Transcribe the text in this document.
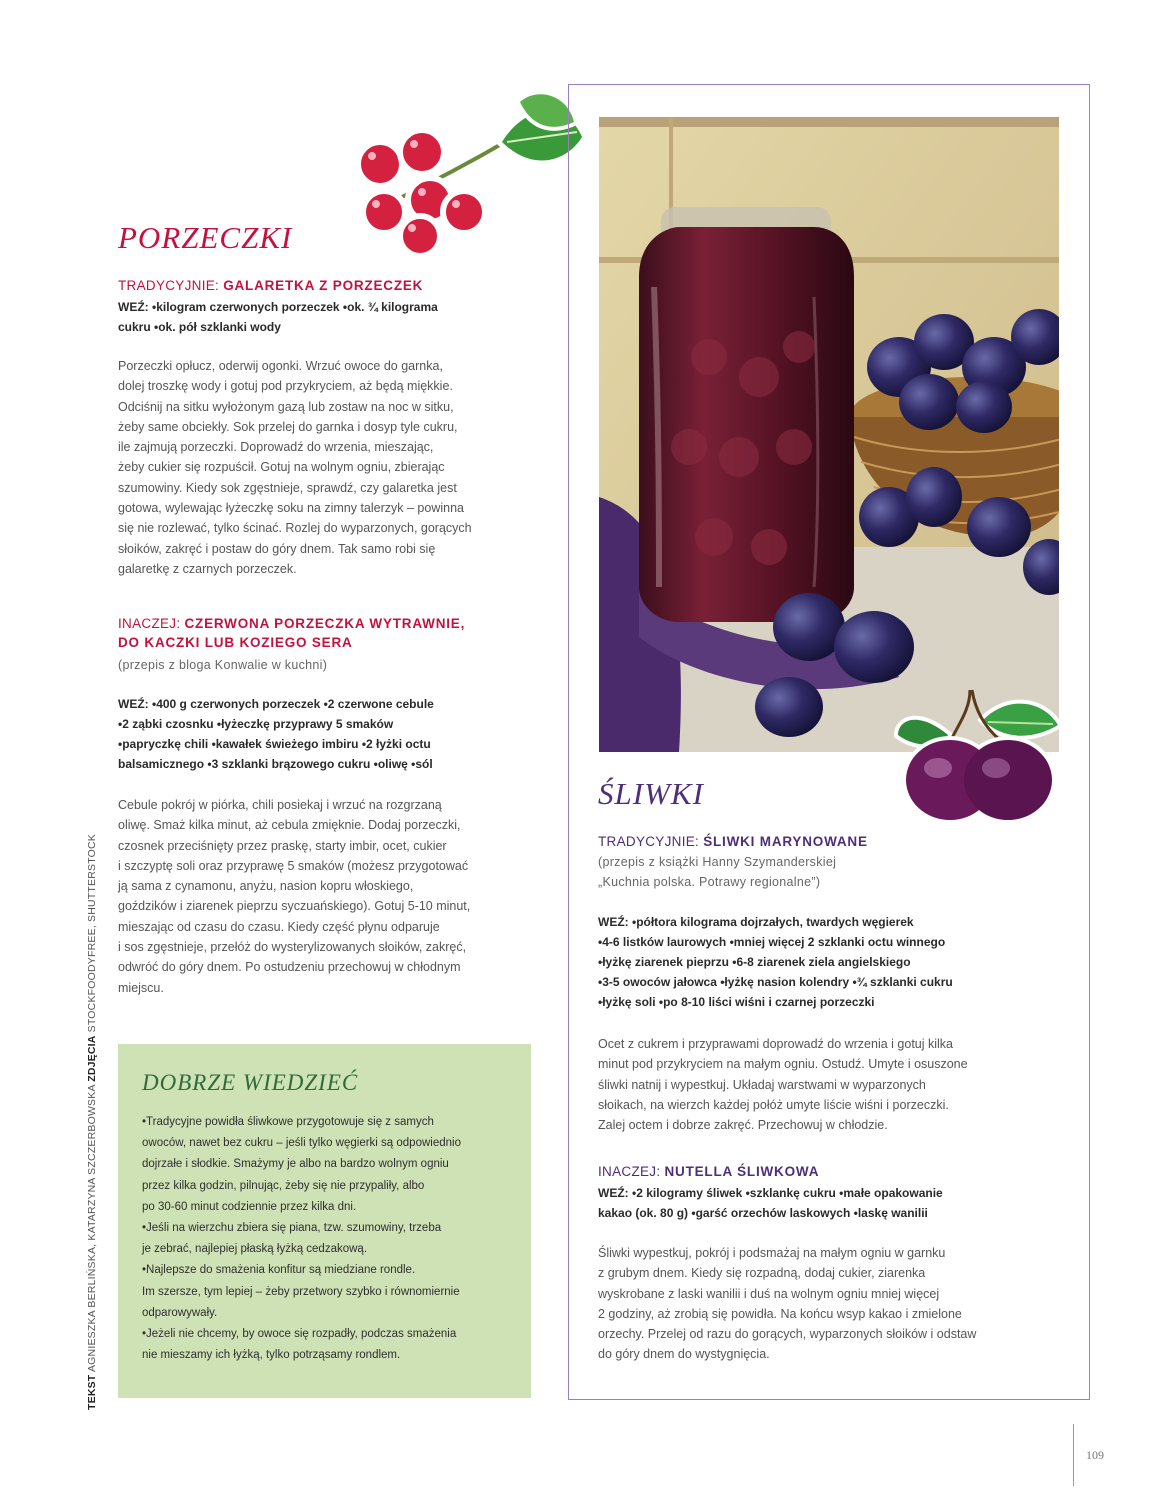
PORZECZKI
TRADYCYJNIE: GALARETKA Z PORZECZEK
WEŹ: •kilogram czerwonych porzeczek •ok. ¾ kilograma
cukru •ok. pół szklanki wody
Porzeczki opłucz, oderwij ogonki. Wrzuć owoce do garnka,
dolej troszkę wody i gotuj pod przykryciem, aż będą miękkie.
Odciśnij na sitku wyłożonym gazą lub zostaw na noc w sitku,
żeby same obciekły. Sok przelej do garnka i dosyp tyle cukru,
ile zajmują porzeczki. Doprowadź do wrzenia, mieszając,
żeby cukier się rozpuścił. Gotuj na wolnym ogniu, zbierając
szumowiny. Kiedy sok zgęstnieje, sprawdź, czy galaretka jest
gotowa, wylewając łyżeczkę soku na zimny talerzyk – powinna
się nie rozlewać, tylko ścinać. Rozlej do wyparzonych, gorących
słoików, zakręć i postaw do góry dnem. Tak samo robi się
galaretkę z czarnych porzeczek.
INACZEJ: CZERWONA PORZECZKA WYTRAWNIE,
DO KACZKI LUB KOZIEGO SERA
(przepis z bloga Konwalie w kuchni)
WEŹ: •400 g czerwonych porzeczek •2 czerwone cebule
•2 ząbki czosnku •łyżeczkę przyprawy 5 smaków
•papryczkę chili •kawałek świeżego imbiru •2 łyżki octu
balsamicznego •3 szklanki brązowego cukru •oliwę •sól
Cebule pokrój w piórka, chili posiekaj i wrzuć na rozgrzaną
oliwę. Smaż kilka minut, aż cebula zmięknie. Dodaj porzeczki,
czosnek przeciśnięty przez praskę, starty imbir, ocet, cukier
i szczyptę soli oraz przyprawę 5 smaków (możesz przygotować
ją sama z cynamonu, anyżu, nasion kopru włoskiego,
goździków i ziarenek pieprzu syczuańskiego). Gotuj 5-10 minut,
mieszając od czasu do czasu. Kiedy część płynu odparuje
i sos zgęstnieje, przełóż do wysterylizowanych słoików, zakręć,
odwróć do góry dnem. Po ostudzeniu przechowuj w chłodnym
miejscu.
DOBRZE WIEDZIEĆ
•Tradycyjne powidła śliwkowe przygotowuje się z samych
owoców, nawet bez cukru – jeśli tylko węgierki są odpowiednio
dojrzałe i słodkie. Smażymy je albo na bardzo wolnym ogniu
przez kilka godzin, pilnując, żeby się nie przypaliły, albo
po 30-60 minut codziennie przez kilka dni.
•Jeśli na wierzchu zbiera się piana, tzw. szumowiny, trzeba
je zebrać, najlepiej płaską łyżką cedzakową.
•Najlepsze do smażenia konfitur są miedziane rondle.
Im szersze, tym lepiej – żeby przetwory szybko i równomiernie
odparowywały.
•Jeżeli nie chcemy, by owoce się rozpadły, podczas smażenia
nie mieszamy ich łyżką, tylko potrząsamy rondlem.
TEKST AGNIESZKA BERLIŃSKA, KATARZYNA SZCZERBOWSKA ZDJĘCIA STOCKFOODYFREE, SHUTTERSTOCK
ŚLIWKI
TRADYCYJNIE: ŚLIWKI MARYNOWANE
(przepis z książki Hanny Szymanderskiej
„Kuchnia polska. Potrawy regionalne”)
WEŹ: •półtora kilograma dojrzałych, twardych węgierek
•4-6 listków laurowych •mniej więcej 2 szklanki octu winnego
•łyżkę ziarenek pieprzu •6-8 ziarenek ziela angielskiego
•3-5 owoców jałowca •łyżkę nasion kolendry •¾ szklanki cukru
•łyżkę soli •po 8-10 liści wiśni i czarnej porzeczki
Ocet z cukrem i przyprawami doprowadź do wrzenia i gotuj kilka
minut pod przykryciem na małym ogniu. Ostudź. Umyte i osuszone
śliwki natnij i wypestkuj. Układaj warstwami w wyparzonych
słoikach, na wierzch każdej połóż umyte liście wiśni i porzeczki.
Zalej octem i dobrze zakręć. Przechowuj w chłodzie.
INACZEJ: NUTELLA ŚLIWKOWA
WEŹ: •2 kilogramy śliwek •szklankę cukru •małe opakowanie
kakao (ok. 80 g) •garść orzechów laskowych •laskę wanilii
Śliwki wypestkuj, pokrój i podsmażaj na małym ogniu w garnku
z grubym dnem. Kiedy się rozpadną, dodaj cukier, ziarenka
wyskrobane z laski wanilii i duś na wolnym ogniu mniej więcej
2 godziny, aż zrobią się powidła. Na końcu wsyp kakao i zmielone
orzechy. Przelej od razu do gorących, wyparzonych słoików i odstaw
do góry dnem do wystygnięcia.
109
